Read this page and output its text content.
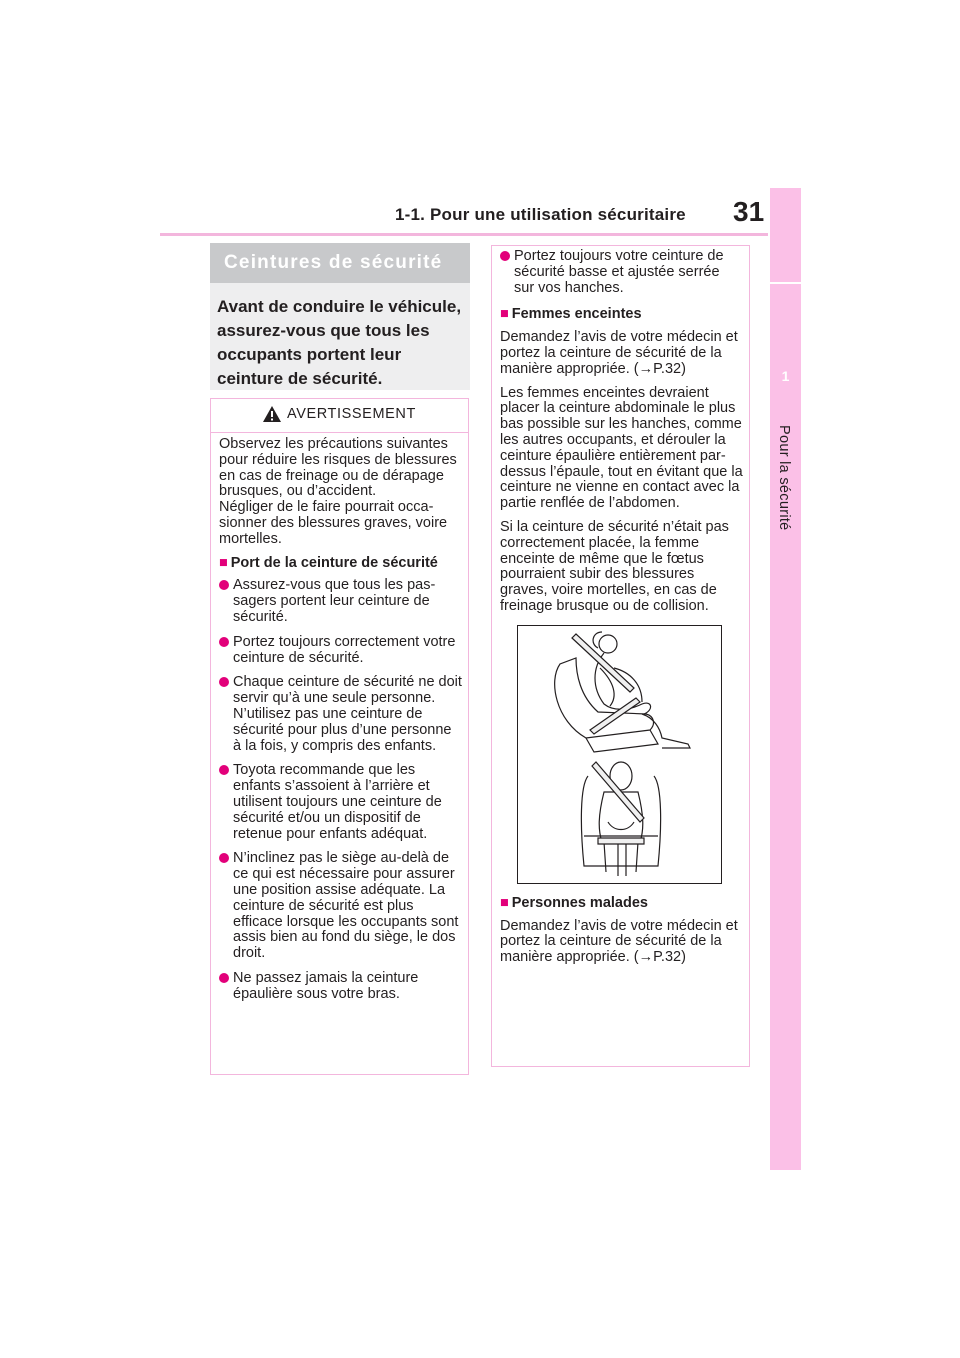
1-1. Pour une utilisation sécuritaire 31
1
Pour la sécurité
Ceintures de sécurité
Avant de conduire le véhicule, assurez-vous que tous les occupants portent leur ceinture de sécurité.
AVERTISSEMENT

Observez les précautions suivantes pour réduire les risques de blessures en cas de freinage ou de dérapage brusques, ou d’accident.

Négliger de le faire pourrait occasionner des blessures graves, voire mortelles.

■ Port de la ceinture de sécurité
Assurez-vous que tous les passagers portent leur ceinture de sécurité.
Portez toujours correctement votre ceinture de sécurité.
Chaque ceinture de sécurité ne doit servir qu’à une seule personne. N’utilisez pas une ceinture de sécurité pour plus d’une personne à la fois, y compris des enfants.
Toyota recommande que les enfants s’assoient à l’arrière et utilisent toujours une ceinture de sécurité et/ou un dispositif de retenue pour enfants adéquat.
N’inclinez pas le siège au-delà de ce qui est nécessaire pour assurer une position assise adéquate. La ceinture de sécurité est plus efficace lorsque les occupants sont assis bien au fond du siège, le dos droit.
Ne passez jamais la ceinture épaulière sous votre bras.
Portez toujours votre ceinture de sécurité basse et ajustée serrée sur vos hanches.
■ Femmes enceintes

Demandez l’avis de votre médecin et portez la ceinture de sécurité de la manière appropriée. (→P.32)

Les femmes enceintes devraient placer la ceinture abdominale le plus bas possible sur les hanches, comme les autres occupants, et dérouler la ceinture épaulière entièrement par-dessus l’épaule, tout en évitant que la ceinture ne vienne en contact avec la partie renflée de l’abdomen.

Si la ceinture de sécurité n’était pas correctement placée, la femme enceinte de même que le fœtus pourraient subir des blessures graves, voire mortelles, en cas de freinage brusque ou de collision.

■ Personnes malades

Demandez l’avis de votre médecin et portez la ceinture de sécurité de la manière appropriée. (→P.32)
